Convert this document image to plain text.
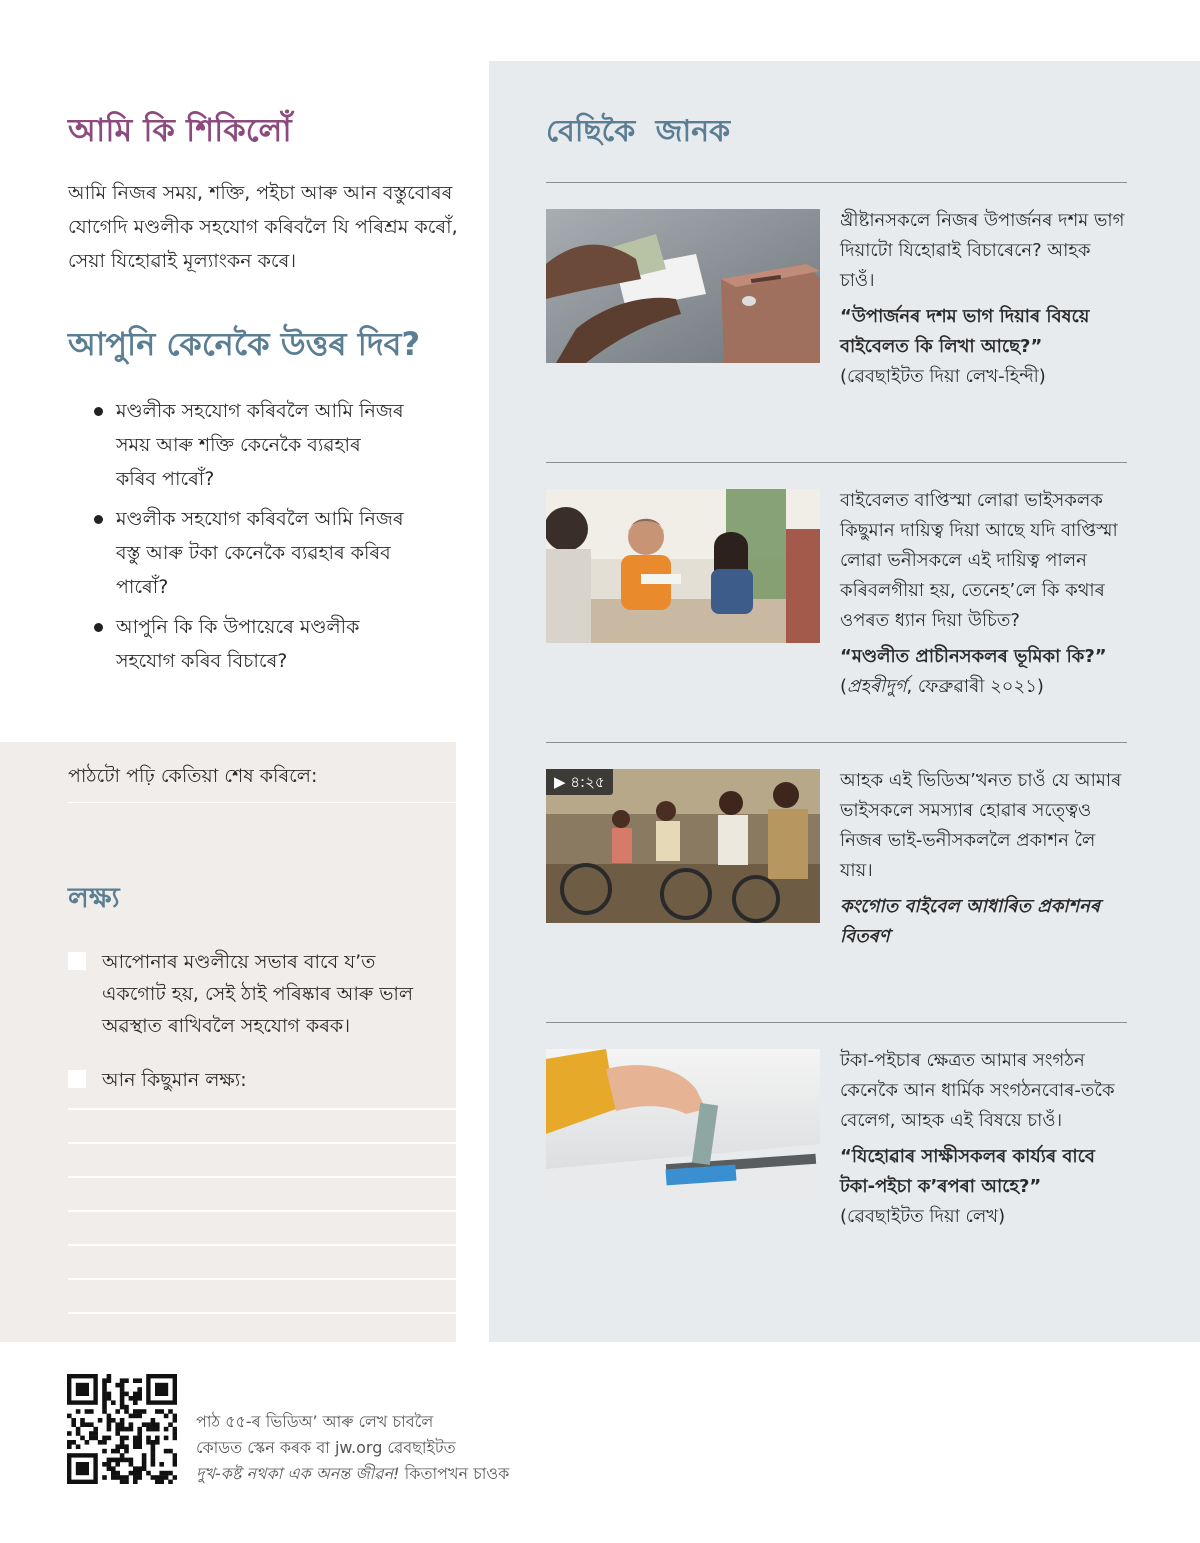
আমি কি শিকিলোঁ

আমি নিজৰ সময়, শক্তি, পইচা আৰু আন বস্তুবোৰৰ যোগেদি মণ্ডলীক সহযোগ কৰিবলৈ যি পৰিশ্ৰম কৰোঁ, সেয়া যিহোৱাই মূল্যাংকন কৰে।

আপুনি কেনেকৈ উত্তৰ দিব?
মণ্ডলীক সহযোগ কৰিবলৈ আমি নিজৰ সময় আৰু শক্তি কেনেকৈ ব্যৱহাৰ কৰিব পাৰোঁ?
মণ্ডলীক সহযোগ কৰিবলৈ আমি নিজৰ বস্তু আৰু টকা কেনেকৈ ব্যৱহাৰ কৰিব পাৰোঁ?
আপুনি কি কি উপায়েৰে মণ্ডলীক সহযোগ কৰিব বিচাৰে?
পাঠটো পঢ়ি কেতিয়া শেষ কৰিলে:
লক্ষ্য
আপোনাৰ মণ্ডলীয়ে সভাৰ বাবে য’ত একগোট হয়, সেই ঠাই পৰিষ্কাৰ আৰু ভাল অৱস্থাত ৰাখিবলৈ সহযোগ কৰক।
আন কিছুমান লক্ষ্য:
বেছিকৈ জানক
খ্ৰীষ্টানসকলে নিজৰ উপাৰ্জনৰ দশম ভাগ দিয়াটো যিহোৱাই বিচাৰেনে? আহক চাওঁ।
“উপাৰ্জনৰ দশম ভাগ দিয়াৰ বিষয়ে বাইবেলত কি লিখা আছে?” (ৱেবছাইটত দিয়া লেখ-হিন্দী)
বাইবেলত বাপ্তিস্মা লোৱা ভাইসকলক কিছুমান দায়িত্ব দিয়া আছে যদি বাপ্তিস্মা লোৱা ভনীসকলে এই দায়িত্ব পালন কৰিবলগীয়া হয়, তেনেহ’লে কি কথাৰ ওপৰত ধ্যান দিয়া উচিত?
“মণ্ডলীত প্ৰাচীনসকলৰ ভূমিকা কি?” (প্ৰহৰীদুৰ্গ, ফেব্ৰুৱাৰী ২০২১)
▶ ৪:২৫	আহক এই ভিডিঅ’খনত চাওঁ যে আমাৰ ভাইসকলে সমস্যাৰ হোৱাৰ সত্ত্বেও নিজৰ ভাই-ভনীসকললৈ প্ৰকাশন লৈ যায়।
কংগোত বাইবেল আধাৰিত প্ৰকাশনৰ বিতৰণ
টকা-পইচাৰ ক্ষেত্ৰত আমাৰ সংগঠন কেনেকৈ আন ধাৰ্মিক সংগঠনবোৰ-তকৈ বেলেগ, আহক এই বিষয়ে চাওঁ।
“যিহোৱাৰ সাক্ষীসকলৰ কাৰ্য্যৰ বাবে টকা-পইচা ক’ৰপৰা আহে?” (ৱেবছাইটত দিয়া লেখ)
পাঠ ৫৫-ৰ ভিডিঅ’ আৰু লেখ চাবলৈ
কোডত স্কেন কৰক বা jw.org ৱেবছাইটত
দুখ-কষ্ট নথকা এক অনন্ত জীৱন! কিতাপখন চাওক
